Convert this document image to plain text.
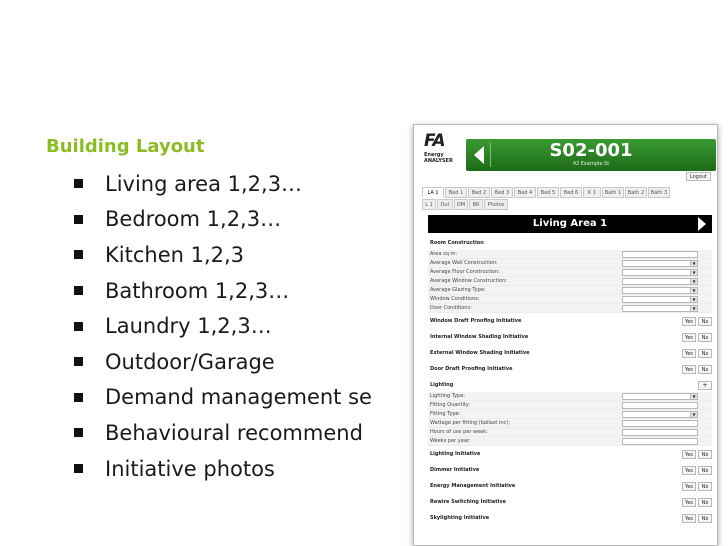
Building Layout
Living area 1,2,3…
Bedroom 1,2,3…
Kitchen 1,2,3
Bathroom 1,2,3…
Laundry 1,2,3…
Outdoor/Garage
Demand management se
Behavioural recommend
Initiative photos
FA
Energy ANALYSER	S02-001
42 Example St
Logout
LA 1	Bed 1	Bed 2	Bed 3	Bed 4	Bed 5	Bed 6	K 1	Bath 1	Bath 2	Bath 3
L 1	Out	DM	BR	Photos
Living Area 1
Room Construction
Area sq m:
Average Wall Construction:	▼
Average Floor Construction:	▼
Average Window Construction:	▼
Average Glazing Type:	▼
Window Conditions:	▼
Door Conditions:	▼
Window Draft Proofing Initiative	Yes	No
Internal Window Shading Initiative	Yes	No
External Window Shading Initiative	Yes	No
Door Draft Proofing Initiative	Yes	No
Lighting	+
Lighting Type:	▼
Fitting Quantity:
Fitting Type:	▼
Wattage per fitting (ballast inc):
Hours of use per week:
Weeks per year:
Lighting Initiative	Yes	No
Dimmer Initiative	Yes	No
Energy Management Initiative	Yes	No
Rewire Switching Initiative	Yes	No
Skylighting Initiative	Yes	No
